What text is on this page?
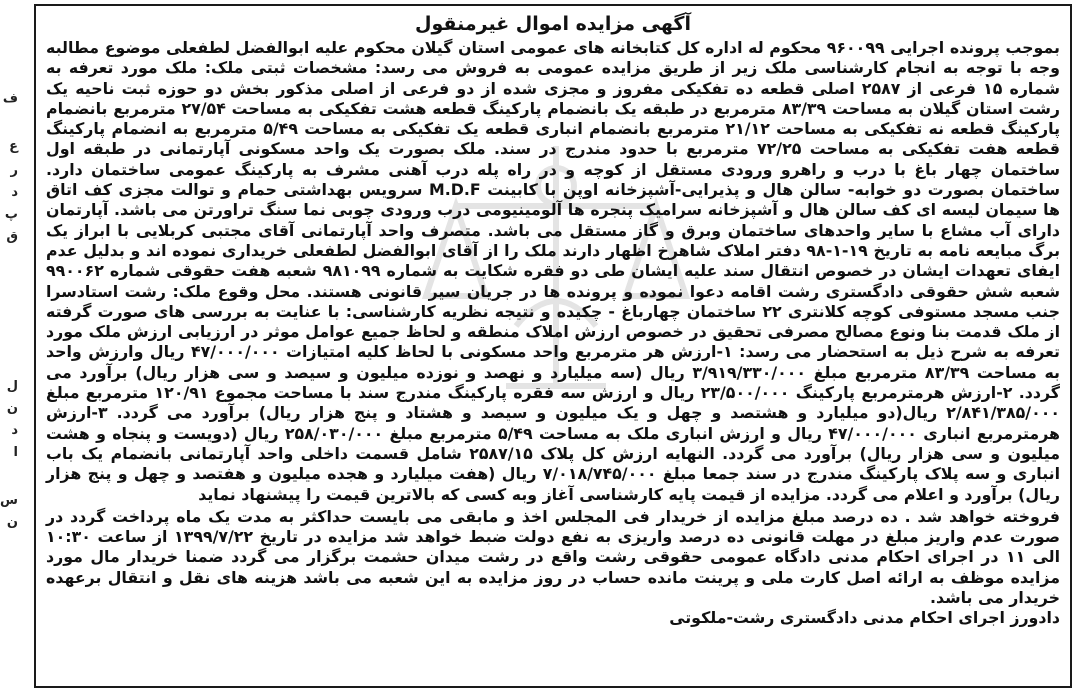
ف
ع
ر
د
پ
ق
ل
ن
د
ا
س
ن
آگهی مزایده اموال غیرمنقول

بموجب پرونده اجرایی ۹۶۰۰۹۹ محکوم له اداره کل کتابخانه های عمومی استان گیلان محکوم علیه ابوالفضل لطفعلی موضوع مطالبه وجه با توجه به انجام کارشناسی ملک زیر از طریق مزایده عمومی به فروش می رسد: مشخصات ثبتی ملک: ملک مورد تعرفه به شماره ۱۵ فرعی از ۲۵۸۷ اصلی قطعه ده تفکیکی مفروز و مجزی شده از دو فرعی از اصلی مذکور بخش دو حوزه ثبت ناحیه یک رشت استان گیلان به مساحت ۸۳/۳۹ مترمربع در طبقه یک بانضمام پارکینگ قطعه هشت تفکیکی به مساحت ۲۷/۵۴ مترمربع بانضمام پارکینگ قطعه نه تفکیکی به مساحت ۲۱/۱۲ مترمربع بانضمام انباری قطعه یک تفکیکی به مساحت ۵/۴۹ مترمربع به انضمام پارکینگ قطعه هفت تفکیکی به مساحت ۷۲/۲۵ مترمربع با حدود مندرج در سند. ملک بصورت یک واحد مسکونی آپارتمانی در طبقه اول ساختمان چهار باغ با درب و راهرو ورودی مستقل از کوچه و در راه پله درب آهنی مشرف به پارکینگ عمومی ساختمان دارد. ساختمان بصورت دو خوابه- سالن هال و پذیرایی-آشپزخانه اوپن با کابینت M.D.F سرویس بهداشتی حمام و توالت مجزی کف اتاق ها سیمان لیسه ای کف سالن هال و آشپزخانه سرامیک پنجره ها آلومینیومی درب ورودی چوبی نما سنگ تراورتن می باشد. آپارتمان دارای آب مشاع با سایر واحدهای ساختمان وبرق و گاز مستقل می باشد. متصرف واحد آپارتمانی آقای مجتبی کربلایی با ابراز یک برگ مبایعه نامه به تاریخ ۱۹-۱-۹۸ دفتر املاک شاهرخ اظهار دارند ملک را از آقای ابوالفضل لطفعلی خریداری نموده اند و بدلیل عدم ایفای تعهدات ایشان در خصوص انتقال سند علیه ایشان طی دو فقره شکایت به شماره ۹۸۱۰۹۹ شعبه هفت حقوقی شماره ۹۹۰۰۶۲ شعبه شش حقوقی دادگستری رشت اقامه دعوا نموده و پرونده ها در جریان سیر قانونی هستند. محل وقوع ملک: رشت استادسرا جنب مسجد مستوفی کوچه کلانتری ۲۲ ساختمان چهارباغ - چکیده و نتیجه نظریه کارشناسی: با عنایت به بررسی های صورت گرفته از ملک قدمت بنا ونوع مصالح مصرفی تحقیق در خصوص ارزش املاک منطقه و لحاظ جمیع عوامل موثر در ارزیابی ارزش ملک مورد تعرفه به شرح ذیل به استحضار می رسد: ۱-ارزش هر مترمربع واحد مسکونی با لحاظ کلیه امتیازات ۴۷/۰۰۰/۰۰۰ ریال وارزش واحد به مساحت ۸۳/۳۹ مترمربع مبلغ ۳/۹۱۹/۳۳۰/۰۰۰ ریال (سه میلیارد و نهصد و نوزده میلیون و سیصد و سی هزار ریال) برآورد می گردد. ۲-ارزش هرمترمربع پارکینگ ۲۳/۵۰۰/۰۰۰ ریال و ارزش سه فقره پارکینگ مندرج سند با مساحت مجموع ۱۲۰/۹۱ مترمربع مبلغ ۲/۸۴۱/۳۸۵/۰۰۰ ریال(دو میلیارد و هشتصد و چهل و یک میلیون و سیصد و هشتاد و پنج هزار ریال) برآورد می گردد. ۳-ارزش هرمترمربع انباری ۴۷/۰۰۰/۰۰۰ ریال و ارزش انباری ملک به مساحت ۵/۴۹ مترمربع مبلغ ۲۵۸/۰۳۰/۰۰۰ ریال (دویست و پنجاه و هشت میلیون و سی هزار ریال) برآورد می گردد. النهایه ارزش کل پلاک ۲۵۸۷/۱۵ شامل قسمت داخلی واحد آپارتمانی بانضمام یک باب انباری و سه پلاک پارکینگ مندرج در سند جمعا مبلغ ۷/۰۱۸/۷۴۵/۰۰۰ ریال (هفت میلیارد و هجده میلیون و هفتصد و چهل و پنج هزار ریال) برآورد و اعلام می گردد. مزایده از قیمت پایه کارشناسی آغاز وبه کسی که بالاترین قیمت را پیشنهاد نماید

فروخته خواهد شد . ده درصد مبلغ مزایده از خریدار فی المجلس اخذ و مابقی می بایست حداکثر به مدت یک ماه پرداخت گردد در صورت عدم واریز مبلغ در مهلت قانونی ده درصد واریزی به نفع دولت ضبط خواهد شد مزایده در تاریخ ۱۳۹۹/۷/۲۲ از ساعت ۱۰:۳۰ الی ۱۱ در اجرای احکام مدنی دادگاه عمومی حقوقی رشت واقع در رشت میدان حشمت برگزار می گردد ضمنا خریدار مال مورد مزایده موظف به ارائه اصل کارت ملی و پرینت مانده حساب در روز مزایده به این شعبه می باشد هزینه های نقل و انتقال برعهده خریدار می باشد.

دادورز اجرای احکام مدنی دادگستری رشت-ملکوتی
